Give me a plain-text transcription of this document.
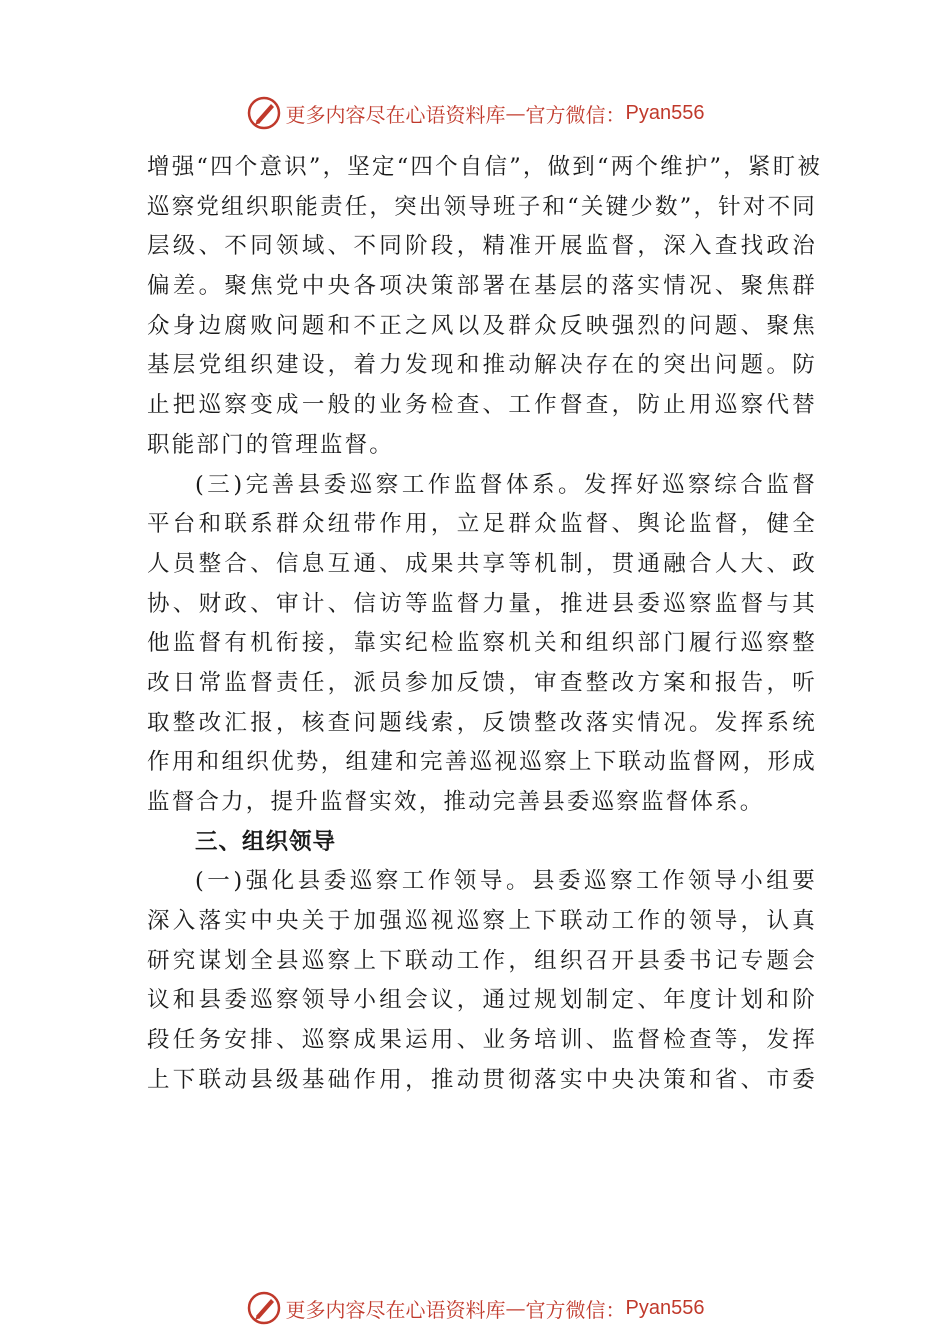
更多内容尽在心语资料库 — 官方微信： Pyan556
增强“四个意识”，坚定“四个自信”，做到“两个维护”，紧盯被
巡察党组织职能责任，突出领导班子和“关键少数”，针对不同
层级、不同领域、不同阶段，精准开展监督，深入查找政治
偏差。聚焦党中央各项决策部署在基层的落实情况、聚焦群
众身边腐败问题和不正之风以及群众反映强烈的问题、聚焦
基层党组织建设，着力发现和推动解决存在的突出问题。防
止把巡察变成一般的业务检查、工作督查，防止用巡察代替
职能部门的管理监督。
(三)完善县委巡察工作监督体系。发挥好巡察综合监督
平台和联系群众纽带作用，立足群众监督、舆论监督，健全
人员整合、信息互通、成果共享等机制，贯通融合人大、政
协、财政、审计、信访等监督力量，推进县委巡察监督与其
他监督有机衔接，靠实纪检监察机关和组织部门履行巡察整
改日常监督责任，派员参加反馈，审查整改方案和报告，听
取整改汇报，核查问题线索，反馈整改落实情况。发挥系统
作用和组织优势，组建和完善巡视巡察上下联动监督网，形成
监督合力，提升监督实效，推动完善县委巡察监督体系。
三、组织领导
(一)强化县委巡察工作领导。县委巡察工作领导小组要
深入落实中央关于加强巡视巡察上下联动工作的领导，认真
研究谋划全县巡察上下联动工作，组织召开县委书记专题会
议和县委巡察领导小组会议，通过规划制定、年度计划和阶
段任务安排、巡察成果运用、业务培训、监督检查等，发挥
上下联动县级基础作用，推动贯彻落实中央决策和省、市委
更多内容尽在心语资料库 — 官方微信： Pyan556
